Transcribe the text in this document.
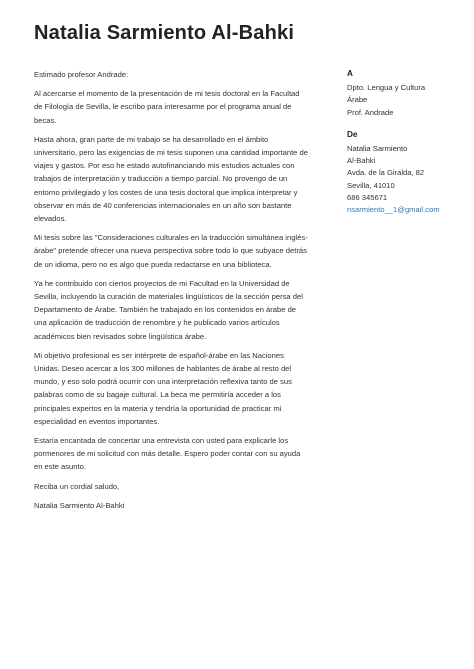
Natalia Sarmiento Al-Bahki

Estimado profesor Andrade:

Al acercarse el momento de la presentación de mi tesis doctoral en la Facultad de Filología de Sevilla, le escribo para interesarme por el programa anual de becas.

Hasta ahora, gran parte de mi trabajo se ha desarrollado en el ámbito universitario, pero las exigencias de mi tesis suponen una cantidad importante de viajes y gastos. Por eso he estado autofinanciando mis estudios actuales con trabajos de interpretación y traducción a tiempo parcial. No provengo de un entorno privilegiado y los costes de una tesis doctoral que implica interpretar y observar en más de 40 conferencias internacionales en un año son bastante elevados.

Mi tesis sobre las "Consideraciones culturales en la traducción simultánea inglés-árabe" pretende ofrecer una nueva perspectiva sobre todo lo que subyace detrás de un idioma, pero no es algo que pueda redactarse en una biblioteca.

Ya he contribuido con ciertos proyectos de mi Facultad en la Universidad de Sevilla, incluyendo la curación de materiales lingüísticos de la sección persa del Departamento de Árabe. También he trabajado en los contenidos en árabe de una aplicación de traducción de renombre y he publicado varios artículos académicos bien revisados sobre lingüística árabe.

Mi objetivo profesional es ser intérprete de español-árabe en las Naciones Unidas. Deseo acercar a los 300 millones de hablantes de árabe al resto del mundo, y eso solo podrá ocurrir con una interpretación reflexiva tanto de sus palabras como de su bagaje cultural. La beca me permitiría acceder a los principales expertos en la materia y tendría la oportunidad de practicar mi especialidad en eventos importantes.

Estaría encantada de concertar una entrevista con usted para explicarle los pormenores de mi solicitud con más detalle. Espero poder contar con su ayuda en este asunto.

Reciba un cordial saludo,

Natalia Sarmiento Al-Bahki

A
Dpto. Lengua y Cultura
Árabe
Prof. Andrade
De
Natalia Sarmiento
Al-Bahki
Avda. de la Giralda, 82
Sevilla, 41010
686 345671
nsarmiento__1@gmail.com
